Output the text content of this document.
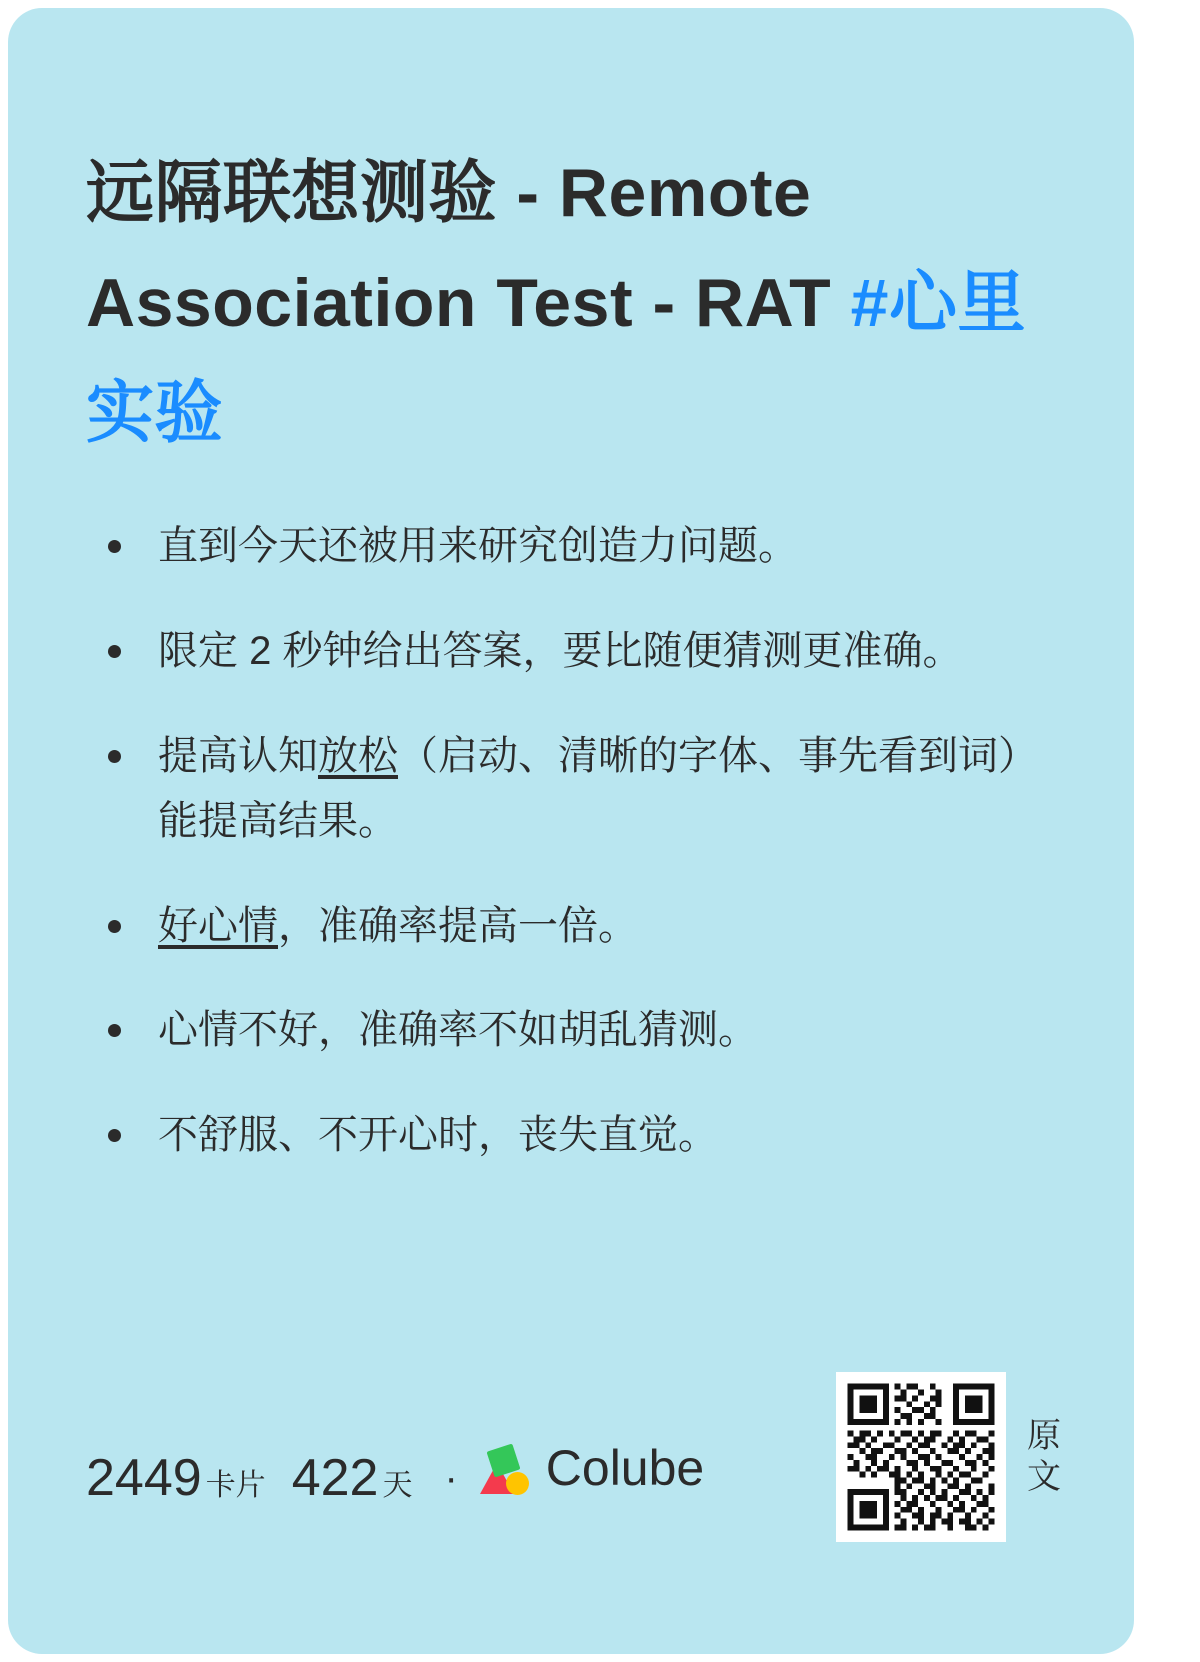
远隔联想测验 - Remote Association Test - RAT #心里实验
直到今天还被用来研究创造力问题。
限定 2 秒钟给出答案，要比随便猜测更准确。
提高认知放松（启动、清晰的字体、事先看到词）能提高结果。
好心情，准确率提高一倍。
心情不好，准确率不如胡乱猜测。
不舒服、不开心时，丧失直觉。
2449 卡片 422 天 · Colube
原文
